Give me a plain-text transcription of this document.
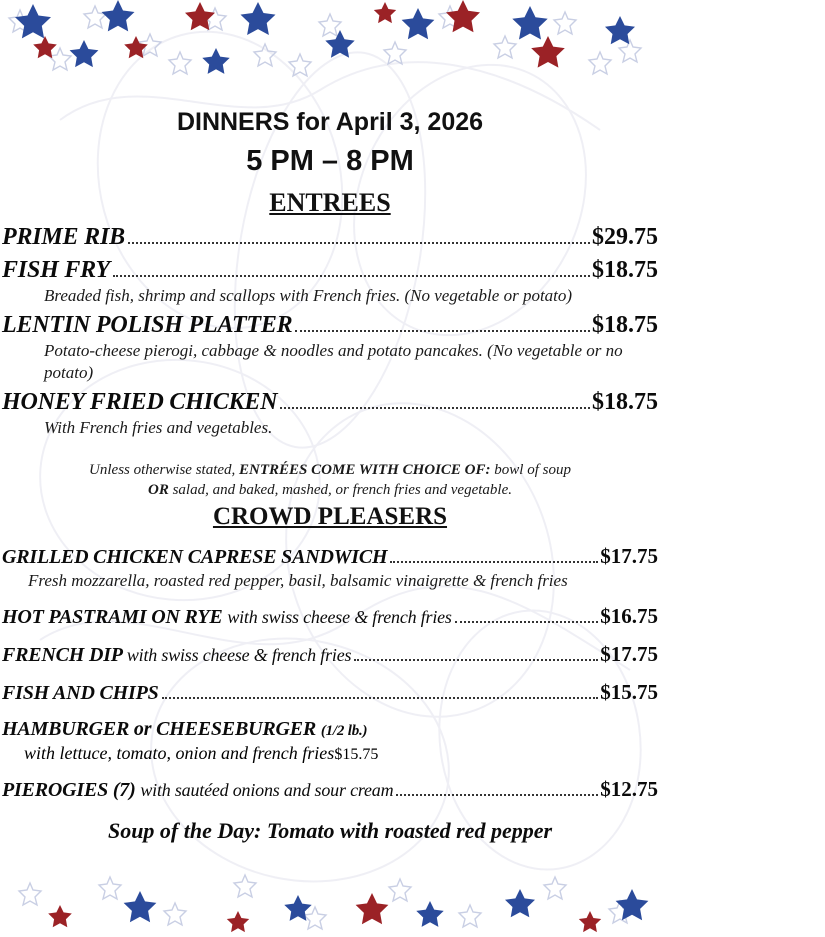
DINNERS for April 3, 2026
5 PM – 8 PM
ENTREES
PRIME RIB	$29.75
FISH FRY	$18.75
Breaded fish, shrimp and scallops with French fries. (No vegetable or potato)
LENTIN POLISH PLATTER	$18.75
Potato-cheese pierogi, cabbage & noodles and potato pancakes. (No vegetable or no potato)
HONEY FRIED CHICKEN	$18.75
With French fries and vegetables.
Unless otherwise stated, ENTRÉES COME WITH CHOICE OF: bowl of soup
OR salad, and baked, mashed, or french fries and vegetable.
CROWD PLEASERS
GRILLED CHICKEN CAPRESE SANDWICH	$17.75
Fresh mozzarella, roasted red pepper, basil, balsamic vinaigrette & french fries
HOT PASTRAMI ON RYE with swiss cheese & french fries	$16.75
FRENCH DIP with swiss cheese & french fries	$17.75
FISH AND CHIPS	$15.75
HAMBURGER or CHEESEBURGER (1/2 lb.)
with lettuce, tomato, onion and french fries $15.75
PIEROGIES (7) with sautéed onions and sour cream	$12.75
Soup of the Day: Tomato with roasted red pepper
